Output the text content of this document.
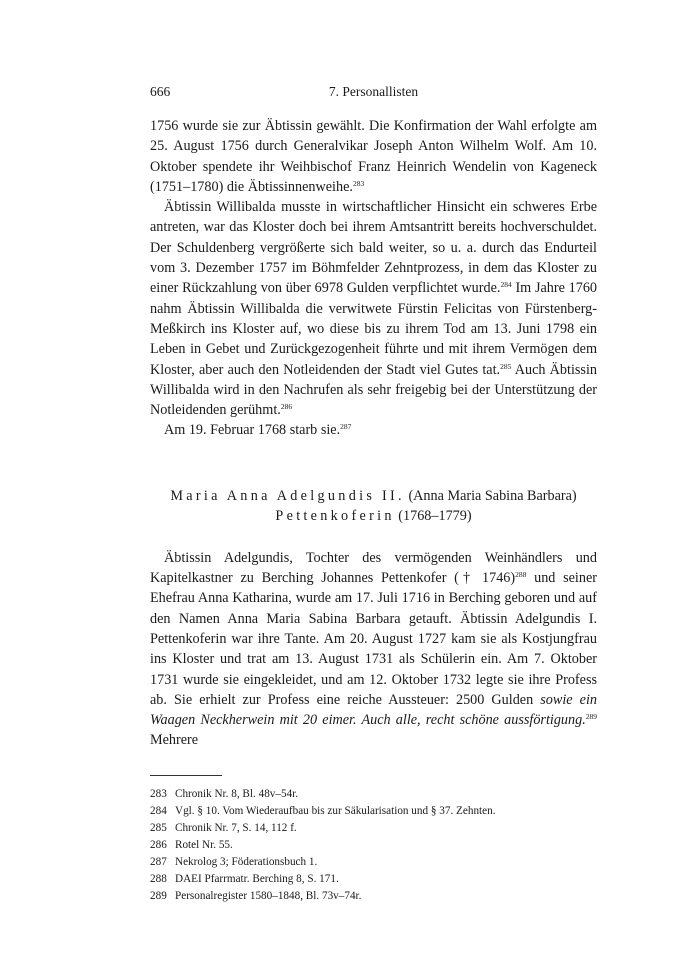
666	7. Personallisten

1756 wurde sie zur Äbtissin gewählt. Die Konfirmation der Wahl erfolgte am 25. August 1756 durch Generalvikar Joseph Anton Wilhelm Wolf. Am 10. Oktober spendete ihr Weihbischof Franz Heinrich Wendelin von Kageneck (1751–1780) die Äbtissinnenweihe.$^{283}$

Äbtissin Willibalda musste in wirtschaftlicher Hinsicht ein schweres Erbe antreten, war das Kloster doch bei ihrem Amtsantritt bereits hochverschuldet. Der Schuldenberg vergrößerte sich bald weiter, so u. a. durch das Endurteil vom 3. Dezember 1757 im Böhmfelder Zehntprozess, in dem das Kloster zu einer Rückzahlung von über 6978 Gulden verpflichtet wurde.$^{284}$ Im Jahre 1760 nahm Äbtissin Willibalda die verwitwete Fürstin Felicitas von Fürstenberg-Meßkirch ins Kloster auf, wo diese bis zu ihrem Tod am 13. Juni 1798 ein Leben in Gebet und Zurückgezogenheit führte und mit ihrem Vermögen dem Kloster, aber auch den Notleidenden der Stadt viel Gutes tat.$^{285}$ Auch Äbtissin Willibalda wird in den Nachrufen als sehr freigebig bei der Unterstützung der Notleidenden gerühmt.$^{286}$

Am 19. Februar 1768 starb sie.$^{287}$

Maria Anna Adelgundis II. (Anna Maria Sabina Barbara)
Pettenkoferin (1768–1779)

Äbtissin Adelgundis, Tochter des vermögenden Weinhändlers und Kapitelkastner zu Berching Johannes Pettenkofer († 1746)$^{288}$ und seiner Ehefrau Anna Katharina, wurde am 17. Juli 1716 in Berching geboren und auf den Namen Anna Maria Sabina Barbara getauft. Äbtissin Adelgundis I. Pettenkoferin war ihre Tante. Am 20. August 1727 kam sie als Kostjungfrau ins Kloster und trat am 13. August 1731 als Schülerin ein. Am 7. Oktober 1731 wurde sie eingekleidet, und am 12. Oktober 1732 legte sie ihre Profess ab. Sie erhielt zur Profess eine reiche Aussteuer: 2500 Gulden sowie ein Waagen Neckherwein mit 20 eimer. Auch alle, recht schöne aussförtigung.$^{289}$ Mehrere

283 Chronik Nr. 8, Bl. 48v–54r.
284 Vgl. § 10. Vom Wiederaufbau bis zur Säkularisation und § 37. Zehnten.
285 Chronik Nr. 7, S. 14, 112 f.
286 Rotel Nr. 55.
287 Nekrolog 3; Föderationsbuch 1.
288 DAEI Pfarrmatr. Berching 8, S. 171.
289 Personalregister 1580–1848, Bl. 73v–74r.
